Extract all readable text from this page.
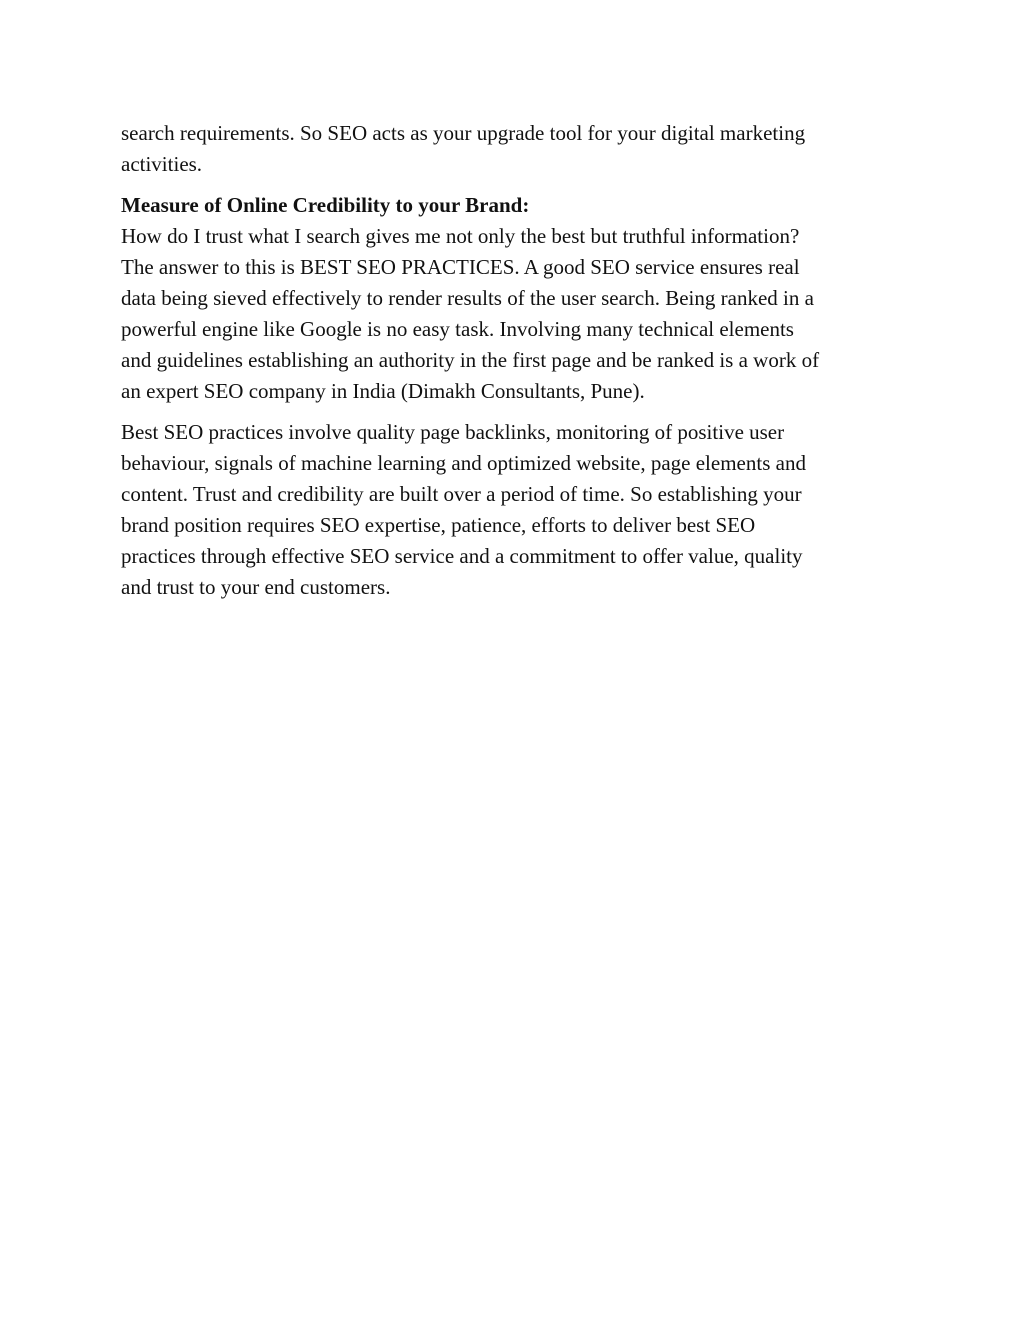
search requirements. So SEO acts as your upgrade tool for your digital marketing
activities.

Measure of Online Credibility to your Brand:

How do I trust what I search gives me not only the best but truthful information?
The answer to this is BEST SEO PRACTICES. A good SEO service ensures real
data being sieved effectively to render results of the user search. Being ranked in a
powerful engine like Google is no easy task. Involving many technical elements
and guidelines establishing an authority in the first page and be ranked is a work of
an expert SEO company in India (Dimakh Consultants, Pune).

Best SEO practices involve quality page backlinks, monitoring of positive user
behaviour, signals of machine learning and optimized website, page elements and
content. Trust and credibility are built over a period of time. So establishing your
brand position requires SEO expertise, patience, efforts to deliver best SEO
practices through effective SEO service and a commitment to offer value, quality
and trust to your end customers.
